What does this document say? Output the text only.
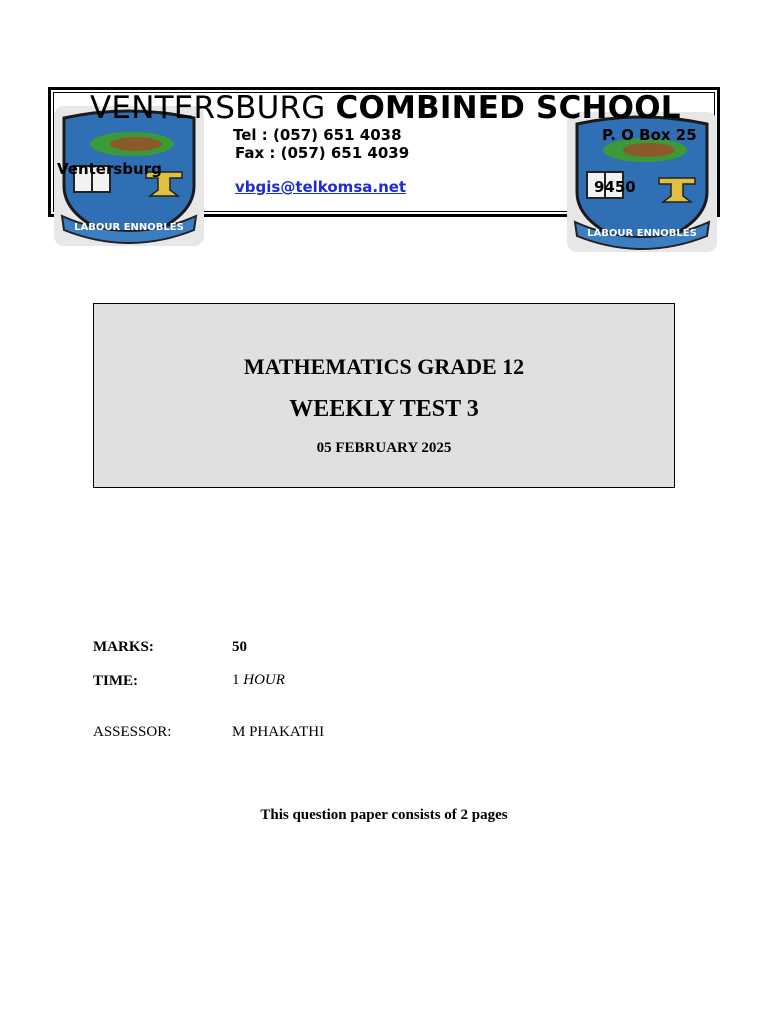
LABOUR ENNOBLES
LABOUR ENNOBLES
VENTERSBURG COMBINED SCHOOL
Tel : (057) 651 4038
Fax : (057) 651 4039
vbgis@telkomsa.net
P. O Box 25
Ventersburg
9450
MATHEMATICS GRADE 12
WEEKLY TEST 3
05 FEBRUARY 2025
MARKS:	50
TIME:	1 HOUR
ASSESSOR:	M PHAKATHI
This question paper consists of 2 pages
